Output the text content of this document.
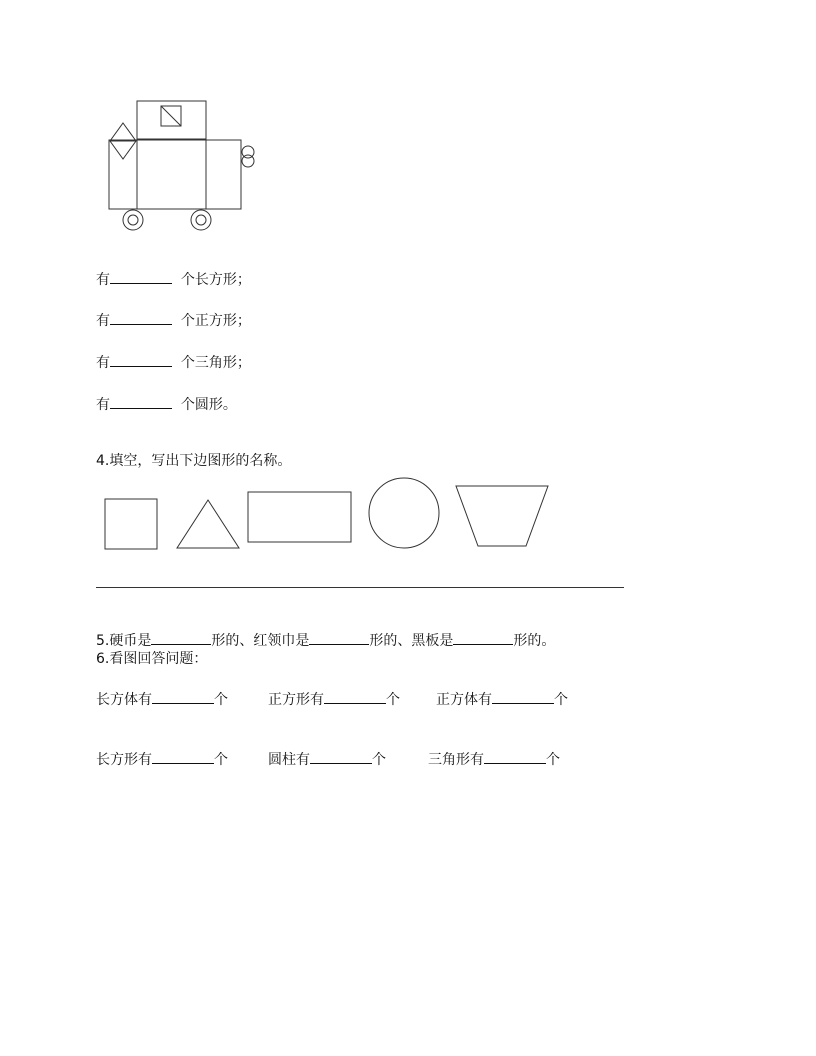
有	个长方形；
有	个正方形；
有	个三角形；
有	个圆形。
4.填空，写出下边图形的名称。
5.硬币是	形的、红领巾是	形的、黑板是	形的。
6.看图回答问题：
长方体有	个	正方形有	个	正方体有	个
长方形有	个	圆柱有	个	三角形有	个
